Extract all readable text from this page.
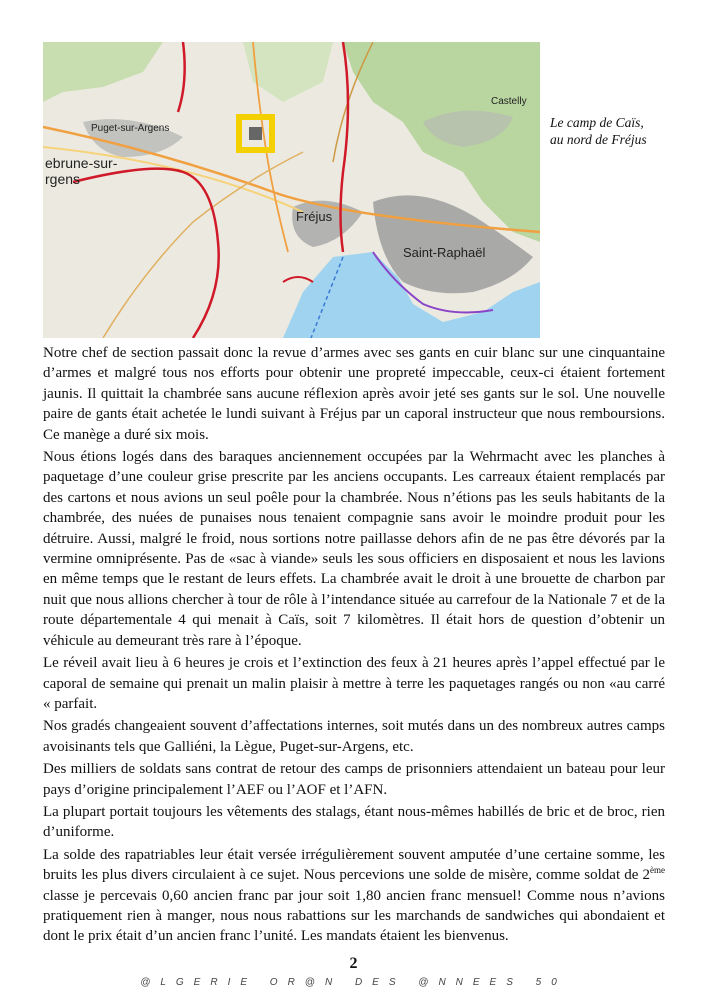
Castelly
Puget-sur-Argens
ebrune-sur-
rgens
Fréjus
Saint-Raphaël
Le camp de Caïs,
au nord de Fréjus

Notre chef de section passait donc la revue d’armes avec ses gants en cuir blanc sur une cinquantaine d’armes et malgré tous nos efforts pour obtenir une propreté impeccable, ceux-ci étaient fortement jaunis. Il quittait la chambrée sans aucune réflexion après avoir jeté ses gants sur le sol. Une nouvelle paire de gants était achetée le lundi suivant à Fréjus par un caporal instructeur que nous remboursions. Ce manège a duré six mois.

Nous étions logés dans des baraques anciennement occupées par la Wehrmacht avec les planches à paquetage d’une couleur grise prescrite par les anciens occupants. Les carreaux étaient remplacés par des cartons et nous avions un seul poêle pour la chambrée. Nous n’étions pas les seuls habitants de la chambrée, des nuées de punaises nous tenaient compagnie sans avoir le moindre produit pour les détruire. Aussi, malgré le froid, nous sortions notre paillasse dehors afin de ne pas être dévorés par la vermine omniprésente. Pas de «sac à viande» seuls les sous officiers en disposaient et nous les lavions en même temps que le restant de leurs effets. La chambrée avait le droit à une brouette de charbon par nuit que nous allions chercher à tour de rôle à l’intendance située au carrefour de la Nationale 7 et de la route départementale 4 qui menait à Caïs, soit 7 kilomètres. Il était hors de question d’obtenir un véhicule au demeurant très rare à l’époque.

Le réveil avait lieu à 6 heures je crois et l’extinction des feux à 21 heures après l’appel effectué par le caporal de semaine qui prenait un malin plaisir à mettre à terre les paquetages rangés ou non «au carré « parfait.

Nos gradés changeaient souvent d’affectations internes, soit mutés dans un des nombreux autres camps avoisinants tels que Galliéni, la Lègue, Puget-sur-Argens, etc.

Des milliers de soldats sans contrat de retour des camps de prisonniers attendaient un bateau pour leur pays d’origine principalement l’AEF ou l’AOF et l’AFN.

La plupart portait toujours les vêtements des stalags, étant nous-mêmes habillés de bric et de broc, rien d’uniforme.

La solde des rapatriables leur était versée irrégulièrement souvent amputée d’une certaine somme, les bruits les plus divers circulaient à ce sujet. Nous percevions une solde de misère, comme soldat de 2ème classe je percevais 0,60 ancien franc par jour soit 1,80 ancien franc mensuel! Comme nous n’avions pratiquement rien à manger, nous nous rabattions sur les marchands de sandwiches qui abondaient et dont le prix était d’un ancien franc l’unité. Les mandats étaient les bienvenus.

2
@LGERIE OR@N DES @NNEES 50
